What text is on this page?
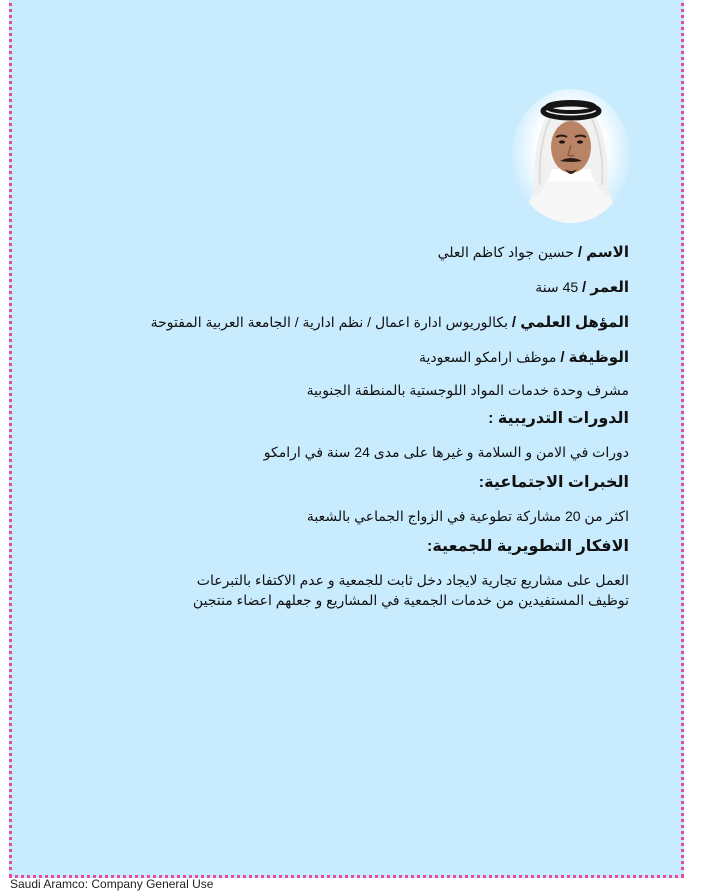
الاسم / حسين جواد كاظم العلي

العمر / 45 سنة

المؤهل العلمي / بكالوريوس ادارة اعمال / نظم ادارية / الجامعة العربية المفتوحة

الوظيفة / موظف ارامكو السعودية

مشرف وحدة خدمات المواد اللوجستية بالمنطقة الجنوبية

الدورات التدريبية :

دورات في الامن و السلامة و غيرها على مدى 24 سنة في ارامكو

الخبرات الاجتماعية:

اكثر من 20 مشاركة تطوعية في الزواج الجماعي بالشعبة

الافكار التطويرية للجمعية:

العمل على مشاريع تجارية لايجاد دخل ثابت للجمعية و عدم الاكتفاء بالتبرعات

توظيف المستفيدين من خدمات الجمعية في المشاريع و جعلهم اعضاء منتجين

Saudi Aramco: Company General Use
